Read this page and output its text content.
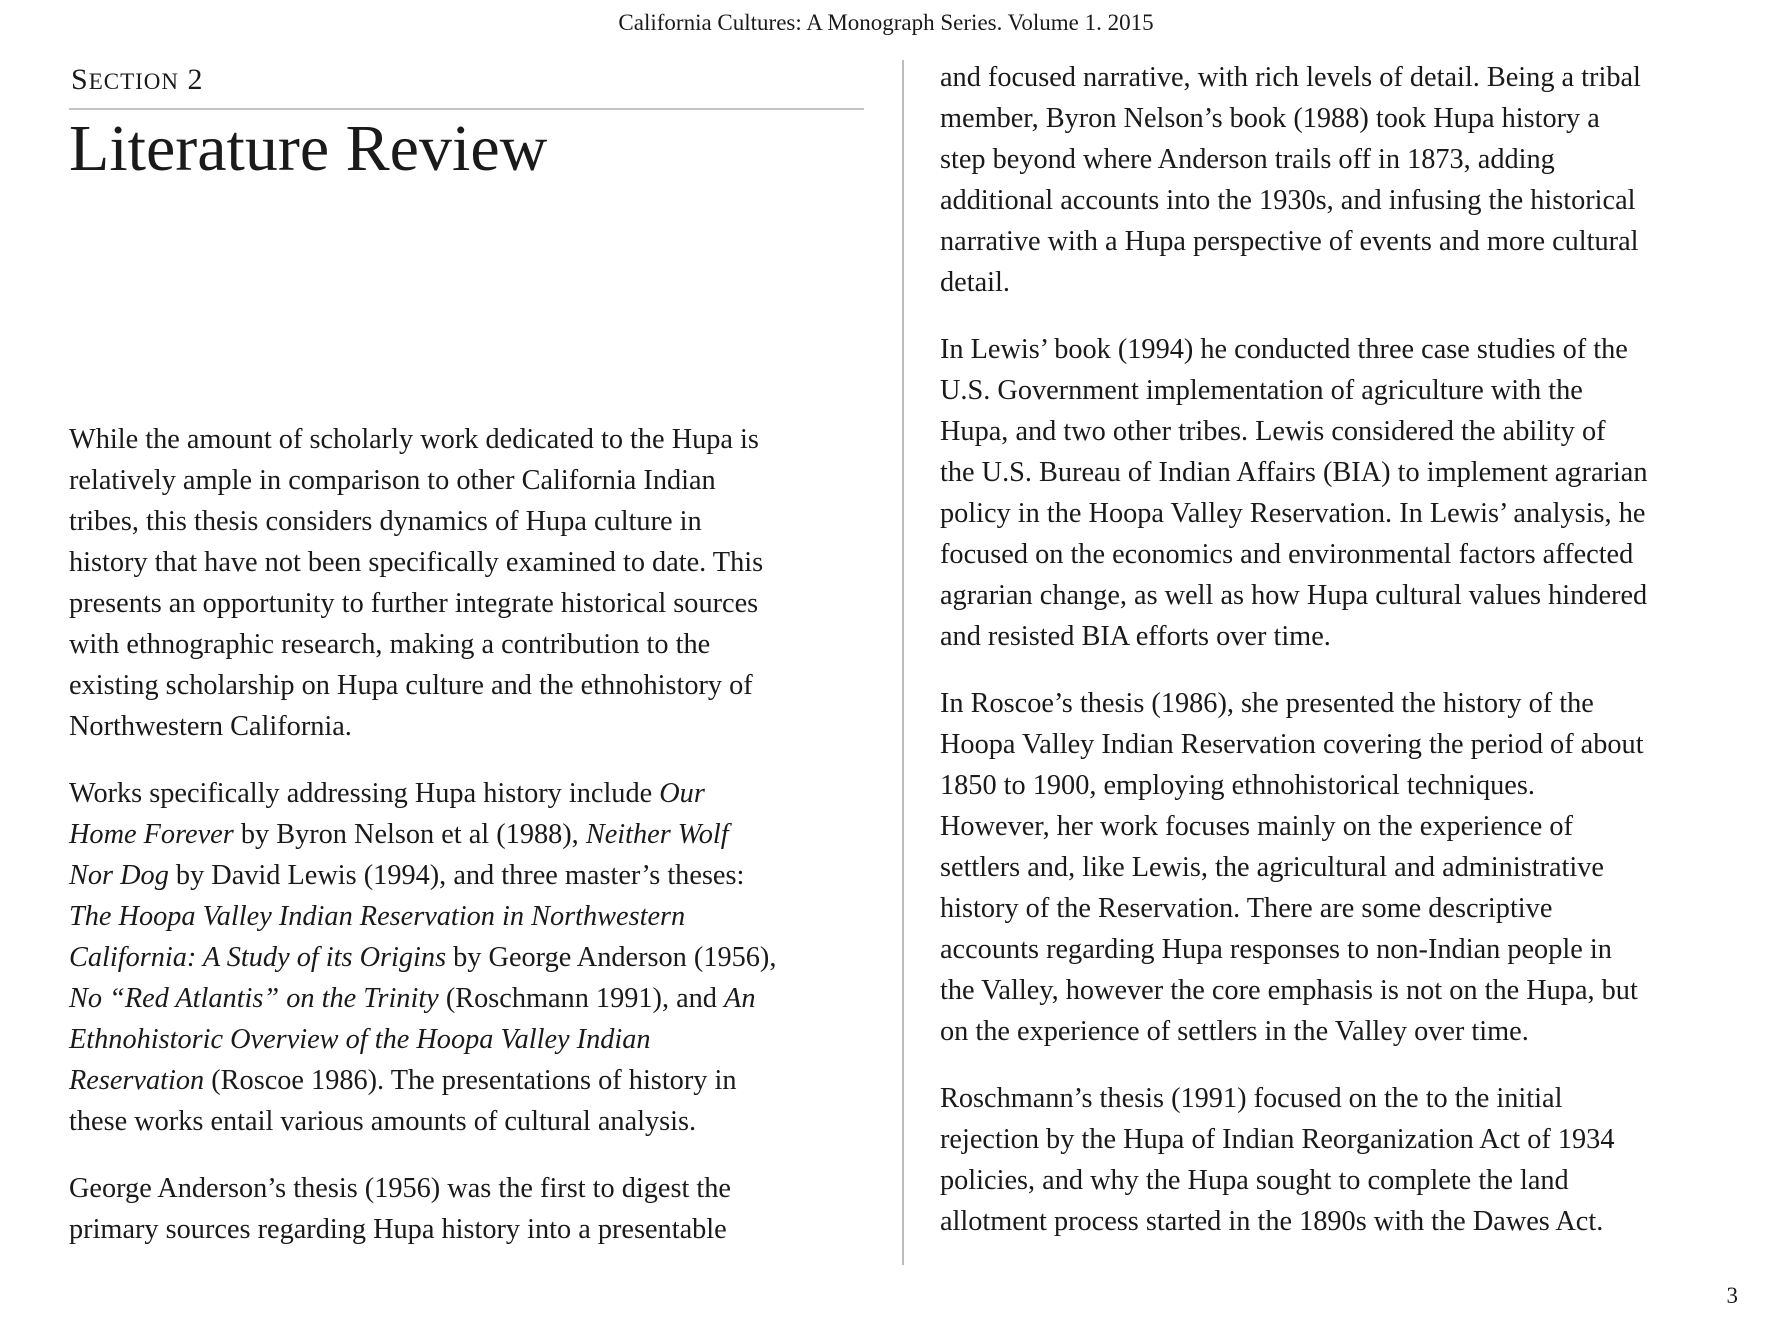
California Cultures: A Monograph Series. Volume 1. 2015
SECTION 2
Literature Review

While the amount of scholarly work dedicated to the Hupa is
relatively ample in comparison to other California Indian
tribes, this thesis considers dynamics of Hupa culture in
history that have not been specifically examined to date. This
presents an opportunity to further integrate historical sources
with ethnographic research, making a contribution to the
existing scholarship on Hupa culture and the ethnohistory of
Northwestern California.

Works specifically addressing Hupa history include Our
Home Forever by Byron Nelson et al (1988), Neither Wolf
Nor Dog by David Lewis (1994), and three master’s theses:
The Hoopa Valley Indian Reservation in Northwestern
California: A Study of its Origins by George Anderson (1956),
No “Red Atlantis” on the Trinity (Roschmann 1991), and An
Ethnohistoric Overview of the Hoopa Valley Indian
Reservation (Roscoe 1986). The presentations of history in
these works entail various amounts of cultural analysis.

George Anderson’s thesis (1956) was the first to digest the
primary sources regarding Hupa history into a presentable

and focused narrative, with rich levels of detail. Being a tribal
member, Byron Nelson’s book (1988) took Hupa history a
step beyond where Anderson trails off in 1873, adding
additional accounts into the 1930s, and infusing the historical
narrative with a Hupa perspective of events and more cultural
detail.

In Lewis’ book (1994) he conducted three case studies of the
U.S. Government implementation of agriculture with the
Hupa, and two other tribes. Lewis considered the ability of
the U.S. Bureau of Indian Affairs (BIA) to implement agrarian
policy in the Hoopa Valley Reservation. In Lewis’ analysis, he
focused on the economics and environmental factors affected
agrarian change, as well as how Hupa cultural values hindered
and resisted BIA efforts over time.

In Roscoe’s thesis (1986), she presented the history of the
Hoopa Valley Indian Reservation covering the period of about
1850 to 1900, employing ethnohistorical techniques.
However, her work focuses mainly on the experience of
settlers and, like Lewis, the agricultural and administrative
history of the Reservation. There are some descriptive
accounts regarding Hupa responses to non-Indian people in
the Valley, however the core emphasis is not on the Hupa, but
on the experience of settlers in the Valley over time.

Roschmann’s thesis (1991) focused on the to the initial
rejection by the Hupa of Indian Reorganization Act of 1934
policies, and why the Hupa sought to complete the land
allotment process started in the 1890s with the Dawes Act.

3
